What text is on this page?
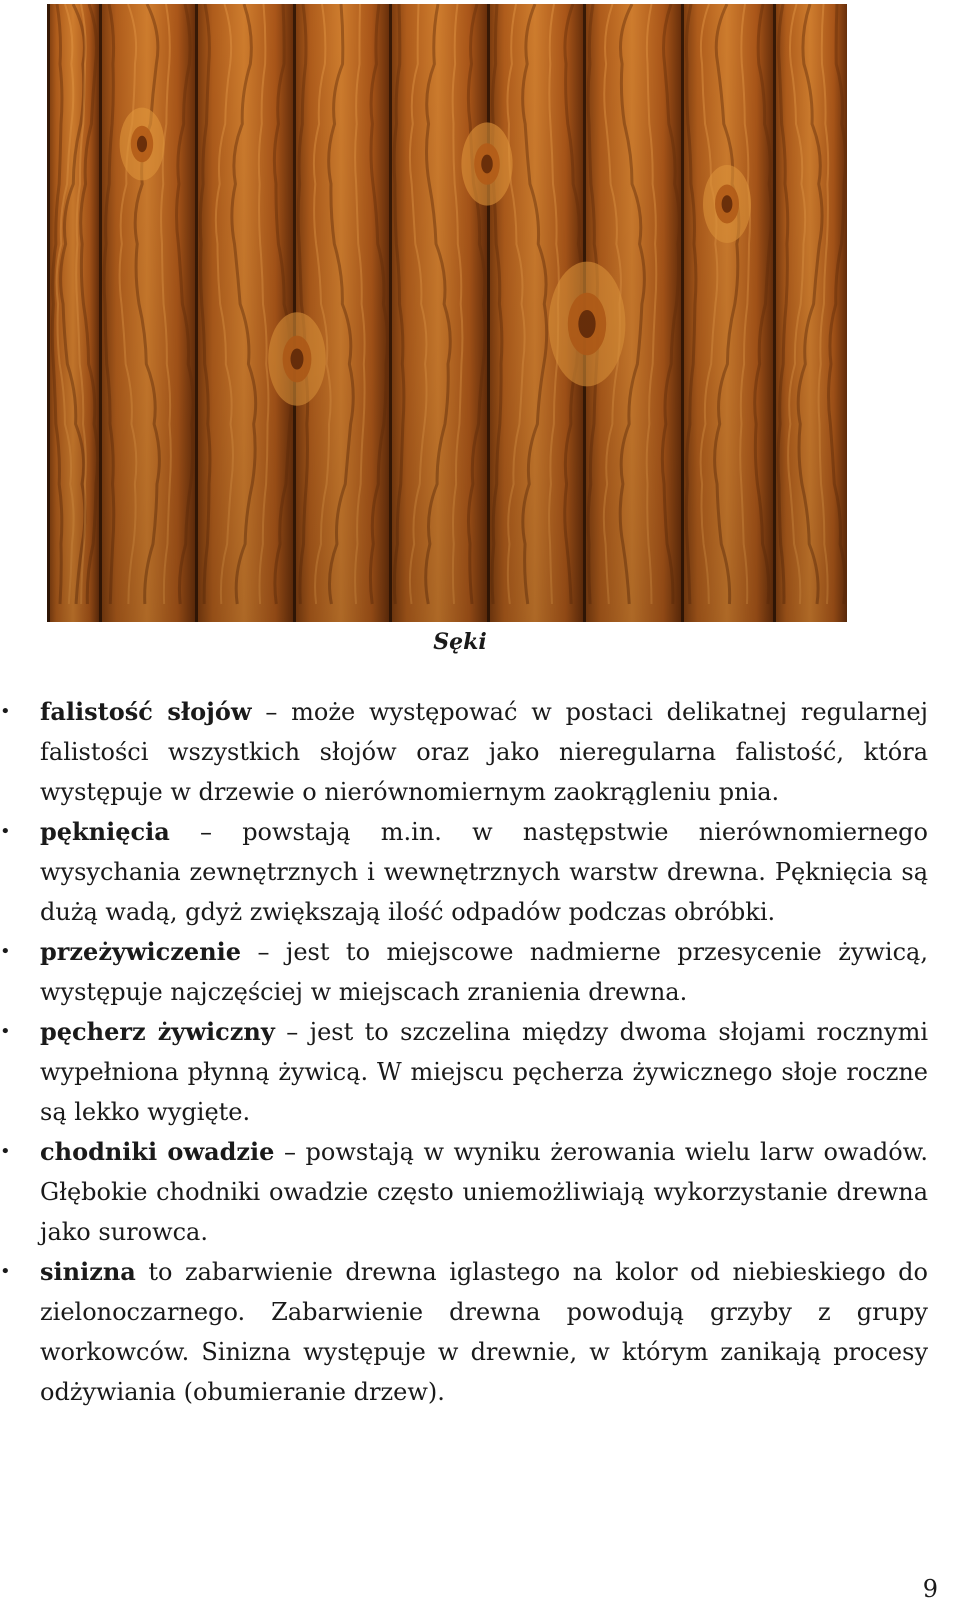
Sęki
• falistość słojów – może występować w postaci delikatnej regularnej falistości wszystkich słojów oraz jako nieregularna falistość, która występuje w drzewie o nierównomiernym zaokrągleniu pnia.
• pęknięcia – powstają m.in. w następstwie nierównomiernego wysychania zewnętrznych i wewnętrznych warstw drewna. Pęknięcia są dużą wadą, gdyż zwiększają ilość odpadów podczas obróbki.
• przeżywiczenie – jest to miejscowe nadmierne przesycenie żywicą, występuje najczęściej w miejscach zranienia drewna.
• pęcherz żywiczny – jest to szczelina między dwoma słojami rocznymi wypełniona płynną żywicą. W miejscu pęcherza żywicznego słoje roczne są lekko wygięte.
• chodniki owadzie – powstają w wyniku żerowania wielu larw owadów. Głębokie chodniki owadzie często uniemożliwiają wykorzystanie drewna jako surowca.
• sinizna to zabarwienie drewna iglastego na kolor od niebieskiego do zielonoczarnego. Zabarwienie drewna powodują grzyby z grupy workowców. Sinizna występuje w drewnie, w którym zanikają procesy odżywiania (obumieranie drzew).
9
